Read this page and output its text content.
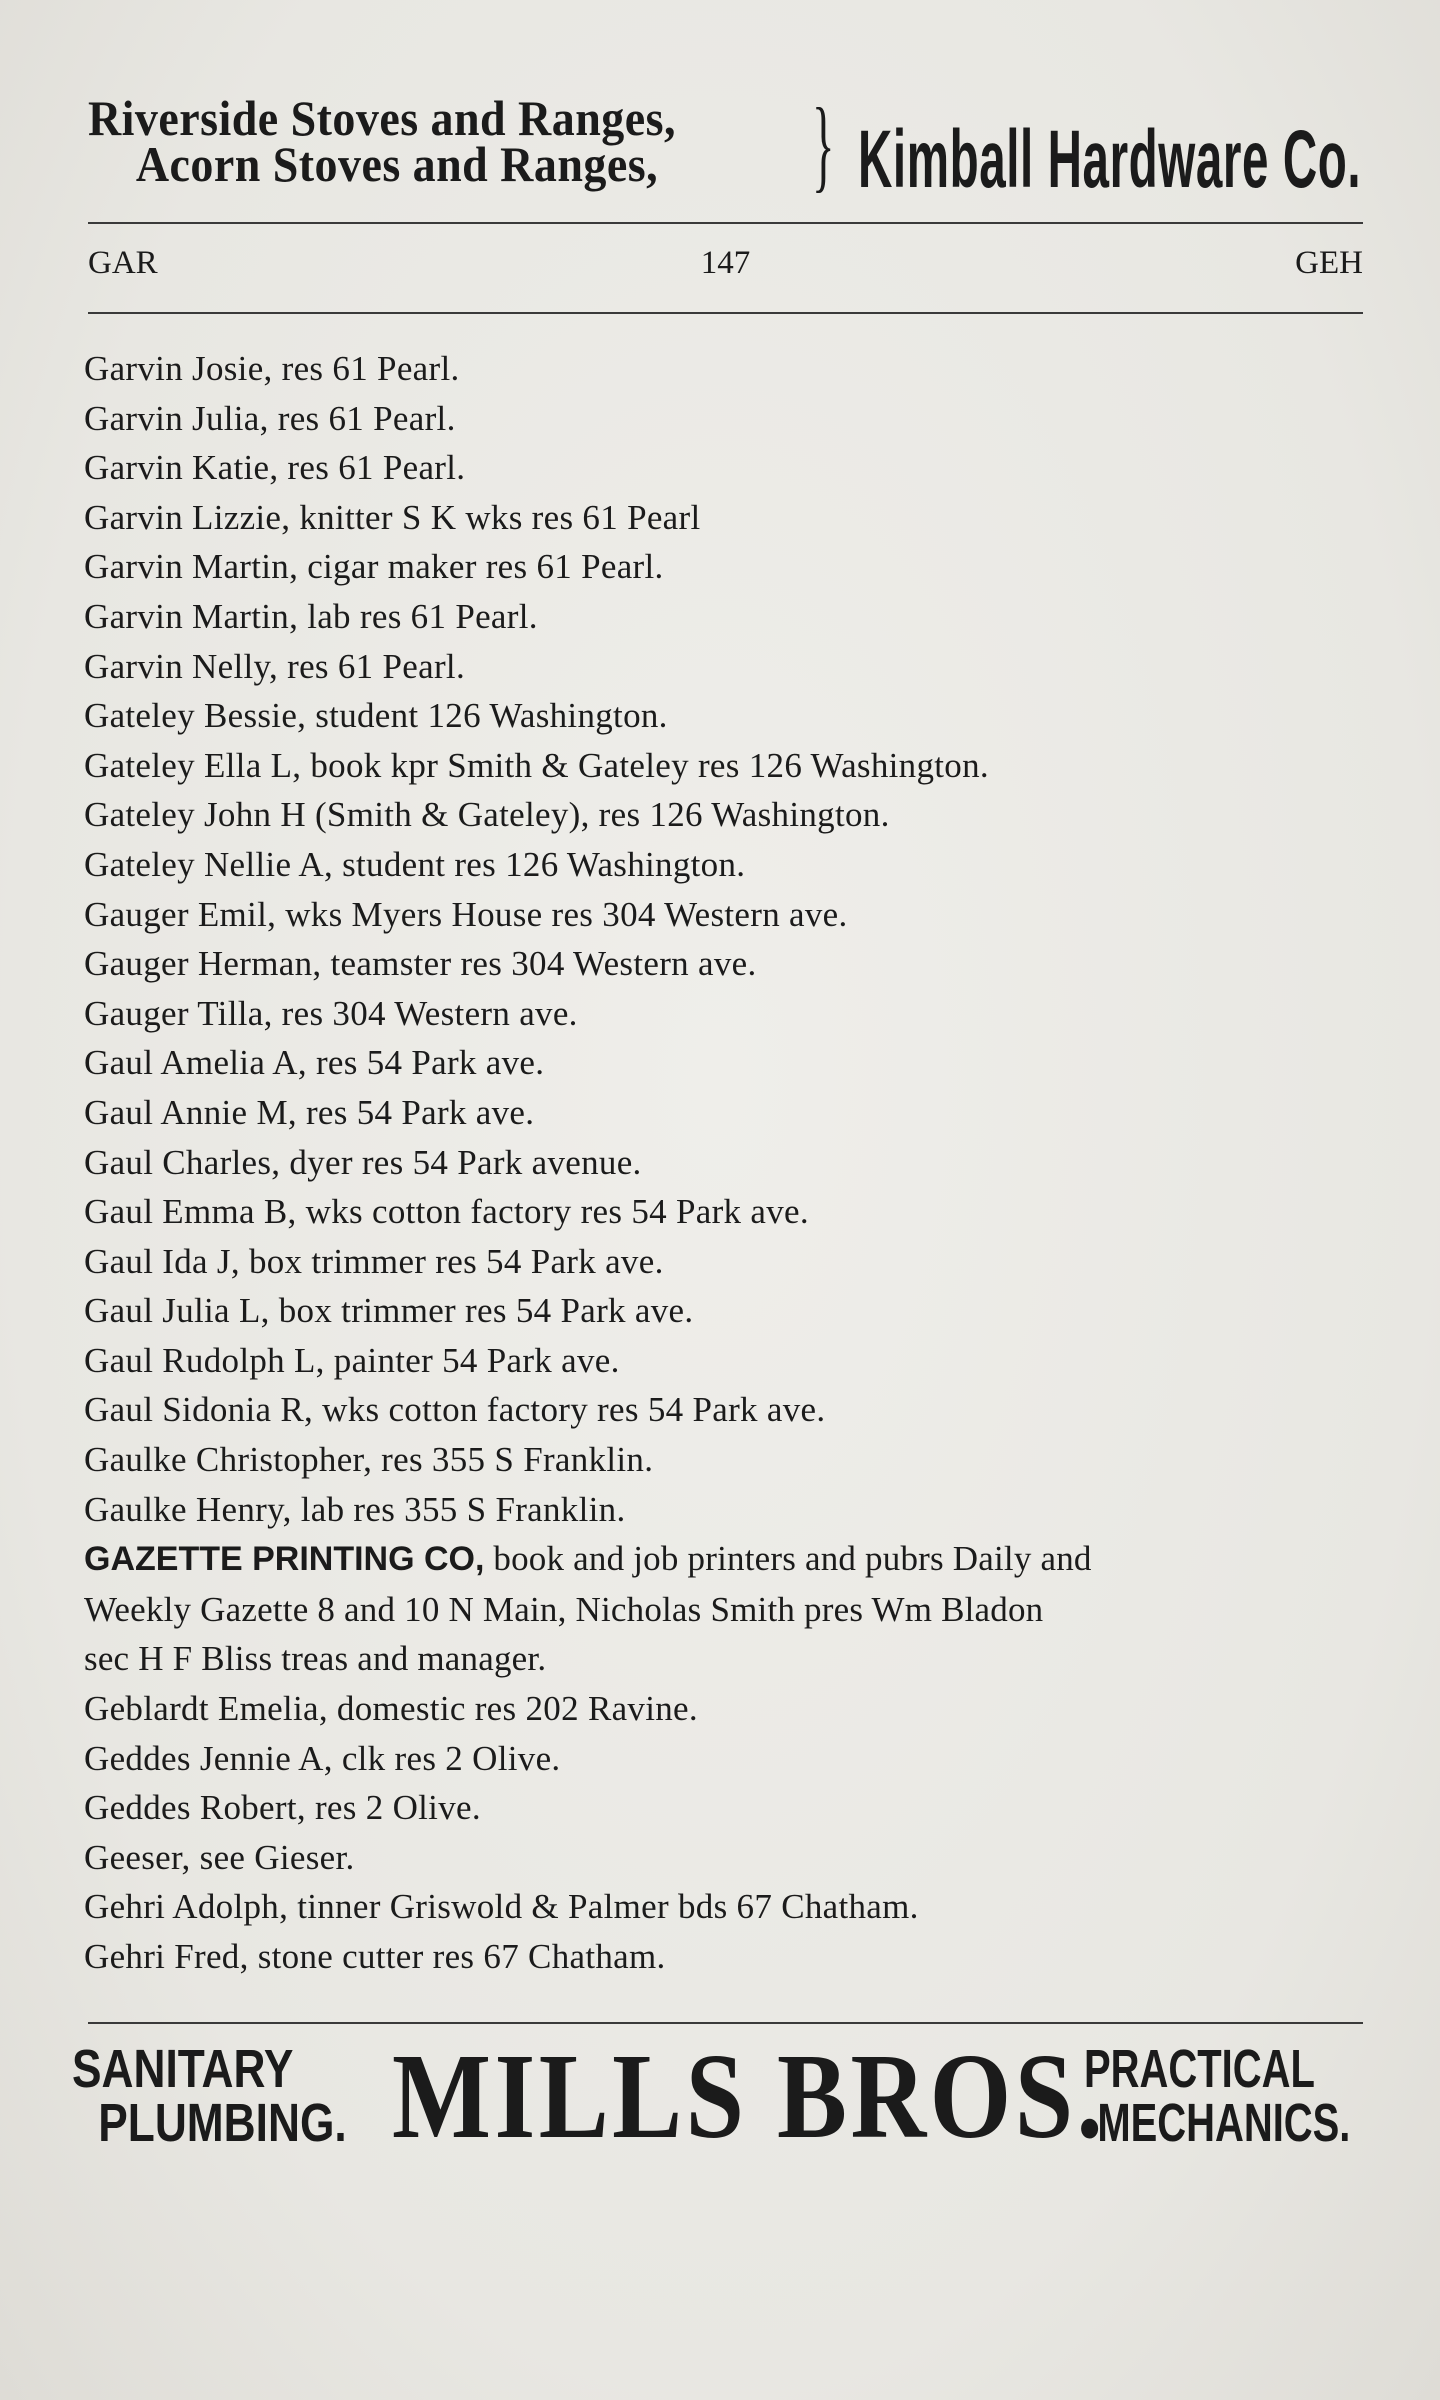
Riverside Stoves and Ranges,
Acorn Stoves and Ranges,	} Kimball Hardware Co.
GAR	147	GEH
Garvin Josie, res 61 Pearl.
Garvin Julia, res 61 Pearl.
Garvin Katie, res 61 Pearl.
Garvin Lizzie, knitter S K wks res 61 Pearl
Garvin Martin, cigar maker res 61 Pearl.
Garvin Martin, lab res 61 Pearl.
Garvin Nelly, res 61 Pearl.
Gateley Bessie, student 126 Washington.
Gateley Ella L, book kpr Smith & Gateley res 126 Washington.
Gateley John H (Smith & Gateley), res 126 Washington.
Gateley Nellie A, student res 126 Washington.
Gauger Emil, wks Myers House res 304 Western ave.
Gauger Herman, teamster res 304 Western ave.
Gauger Tilla, res 304 Western ave.
Gaul Amelia A, res 54 Park ave.
Gaul Annie M, res 54 Park ave.
Gaul Charles, dyer res 54 Park avenue.
Gaul Emma B, wks cotton factory res 54 Park ave.
Gaul Ida J, box trimmer res 54 Park ave.
Gaul Julia L, box trimmer res 54 Park ave.
Gaul Rudolph L, painter 54 Park ave.
Gaul Sidonia R, wks cotton factory res 54 Park ave.
Gaulke Christopher, res 355 S Franklin.
Gaulke Henry, lab res 355 S Franklin.
GAZETTE PRINTING CO, book and job printers and pubrs Daily and
Weekly Gazette 8 and 10 N Main, Nicholas Smith pres Wm Bladon
sec H F Bliss treas and manager.
Geblardt Emelia, domestic res 202 Ravine.
Geddes Jennie A, clk res 2 Olive.
Geddes Robert, res 2 Olive.
Geeser, see Gieser.
Gehri Adolph, tinner Griswold & Palmer bds 67 Chatham.
Gehri Fred, stone cutter res 67 Chatham.
SANITARY
PLUMBING. MILLS BROS.
PRACTICAL
MECHANICS.
